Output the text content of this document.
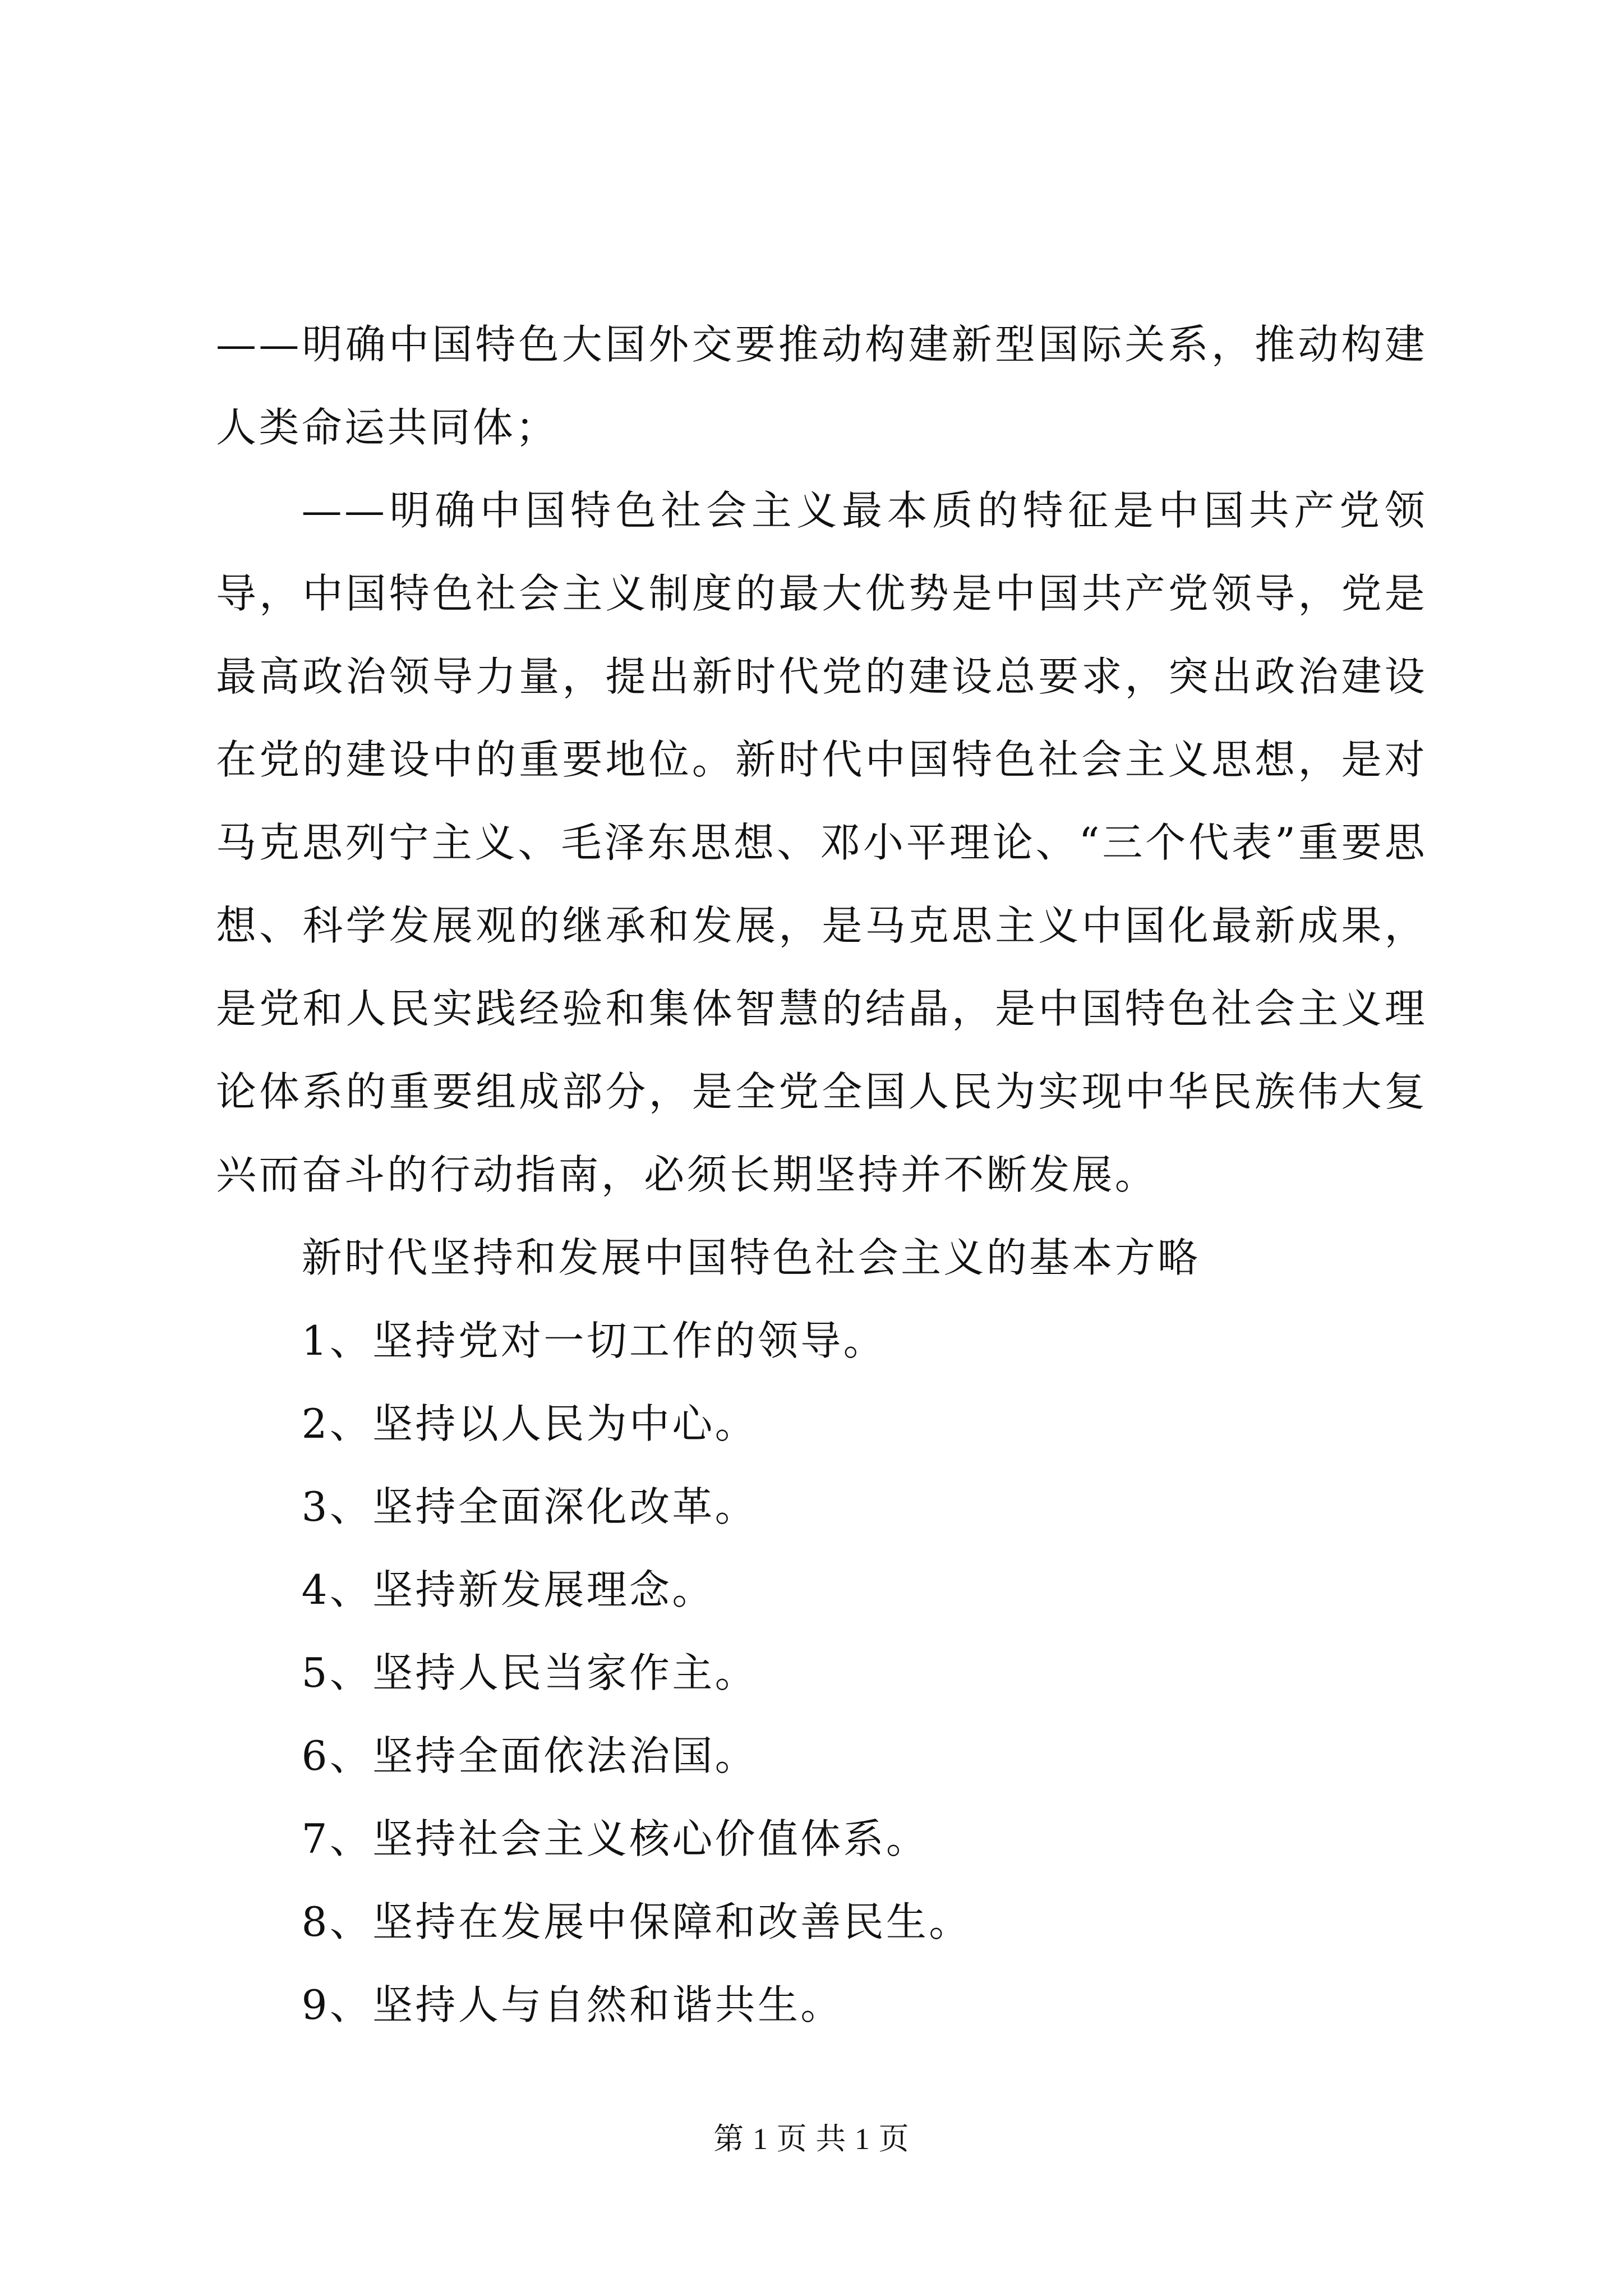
——明确中国特色大国外交要推动构建新型国际关系，推动构建人类命运共同体；

——明确中国特色社会主义最本质的特征是中国共产党领导，中国特色社会主义制度的最大优势是中国共产党领导，党是最高政治领导力量，提出新时代党的建设总要求，突出政治建设在党的建设中的重要地位。新时代中国特色社会主义思想，是对马克思列宁主义、毛泽东思想、邓小平理论、“三个代表”重要思想、科学发展观的继承和发展，是马克思主义中国化最新成果，是党和人民实践经验和集体智慧的结晶，是中国特色社会主义理论体系的重要组成部分，是全党全国人民为实现中华民族伟大复兴而奋斗的行动指南，必须长期坚持并不断发展。

新时代坚持和发展中国特色社会主义的基本方略

1、坚持党对一切工作的领导。

2、坚持以人民为中心。

3、坚持全面深化改革。

4、坚持新发展理念。

5、坚持人民当家作主。

6、坚持全面依法治国。

7、坚持社会主义核心价值体系。

8、坚持在发展中保障和改善民生。

9、坚持人与自然和谐共生。

第 1 页 共 1 页
